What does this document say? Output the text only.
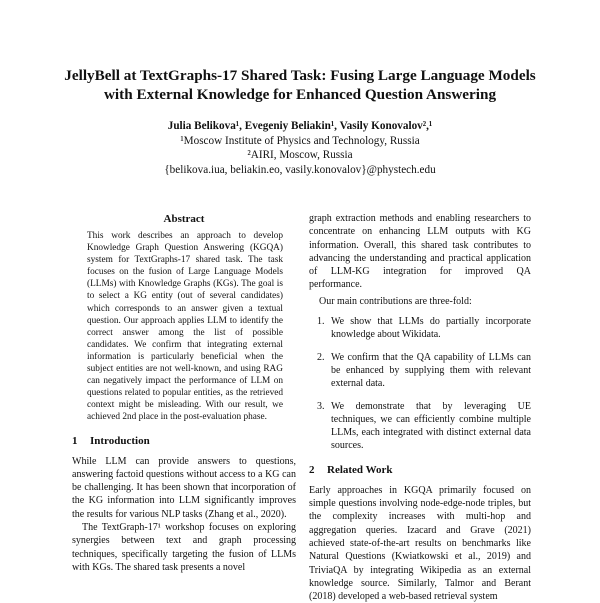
JellyBell at TextGraphs-17 Shared Task: Fusing Large Language Models
with External Knowledge for Enhanced Question Answering
Julia Belikova¹, Evegeniy Beliakin¹, Vasily Konovalov²,¹
¹Moscow Institute of Physics and Technology, Russia
²AIRI, Moscow, Russia
{belikova.iua, beliakin.eo, vasily.konovalov}@phystech.edu
Abstract

This work describes an approach to develop Knowledge Graph Question Answering (KGQA) system for TextGraphs-17 shared task. The task focuses on the fusion of Large Language Models (LLMs) with Knowledge Graphs (KGs). The goal is to select a KG entity (out of several candidates) which corresponds to an answer given a textual question. Our approach applies LLM to identify the correct answer among the list of possible candidates. We confirm that integrating external information is particularly beneficial when the subject entities are not well-known, and using RAG can negatively impact the performance of LLM on questions related to popular entities, as the retrieved context might be misleading. With our result, we achieved 2nd place in the post-evaluation phase.

1 Introduction

While LLM can provide answers to questions, answering factoid questions without access to a KG can be challenging. It has been shown that incorporation of the KG information into LLM significantly improves the results for various NLP tasks (Zhang et al., 2020).

The TextGraph-17¹ workshop focuses on exploring synergies between text and graph processing techniques, specifically targeting the fusion of LLMs with KGs. The shared task presents a novel

graph extraction methods and enabling researchers to concentrate on enhancing LLM outputs with KG information. Overall, this shared task contributes to advancing the understanding and practical application of LLM-KG integration for improved QA performance.

Our main contributions are three-fold:

1. We show that LLMs do partially incorporate knowledge about Wikidata.
2. We confirm that the QA capability of LLMs can be enhanced by supplying them with relevant external data.
3. We demonstrate that by leveraging UE techniques, we can efficiently combine multiple LLMs, each integrated with distinct external data sources.
2 Related Work

Early approaches in KGQA primarily focused on simple questions involving node-edge-node triples, but the complexity increases with multi-hop and aggregation queries. Izacard and Grave (2021) achieved state-of-the-art results on benchmarks like Natural Questions (Kwiatkowski et al., 2019) and TriviaQA by integrating Wikipedia as an external knowledge source. Similarly, Talmor and Berant (2018) developed a web-based retrieval system
